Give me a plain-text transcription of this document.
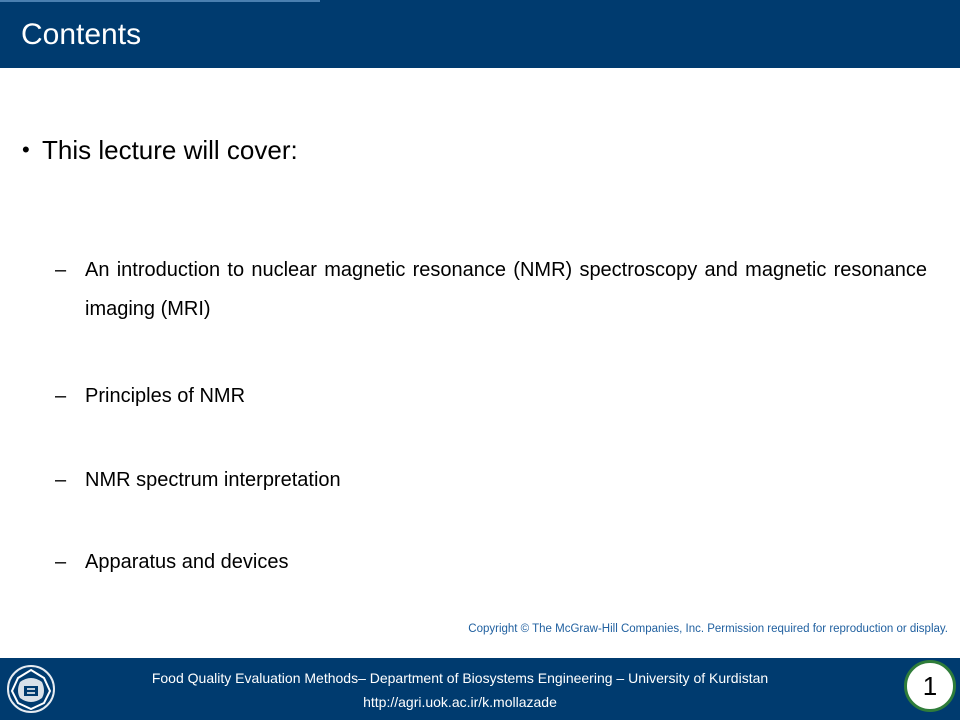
Contents
• This lecture will cover:
– An introduction to nuclear magnetic resonance (NMR) spectroscopy and magnetic resonance imaging (MRI)
– Principles of NMR
– NMR spectrum interpretation
– Apparatus and devices
Copyright © The McGraw-Hill Companies, Inc. Permission required for reproduction or display.
Food Quality Evaluation Methods– Department of Biosystems Engineering – University of Kurdistan
http://agri.uok.ac.ir/k.mollazade
1
